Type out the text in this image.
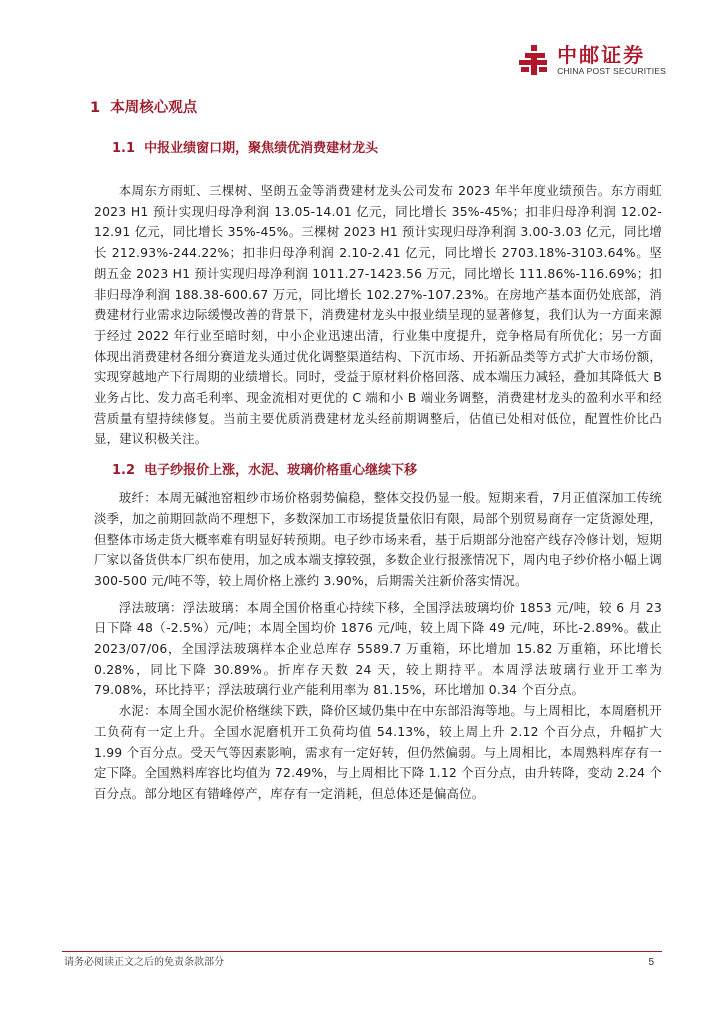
中邮证券
CHINA POST SECURITIES
1 本周核心观点
1.1 中报业绩窗口期，聚焦绩优消费建材龙头

本周东方雨虹、三棵树、坚朗五金等消费建材龙头公司发布 2023 年半年度业绩预告。东方雨虹 2023 H1 预计实现归母净利润 13.05-14.01 亿元，同比增长 35%-45%；扣非归母净利润 12.02-12.91 亿元，同比增长 35%-45%。三棵树 2023 H1 预计实现归母净利润 3.00-3.03 亿元，同比增长 212.93%-244.22%；扣非归母净利润 2.10-2.41 亿元，同比增长 2703.18%-3103.64%。坚朗五金 2023 H1 预计实现归母净利润 1011.27-1423.56 万元，同比增长 111.86%-116.69%；扣非归母净利润 188.38-600.67 万元，同比增长 102.27%-107.23%。在房地产基本面仍处底部，消费建材行业需求边际缓慢改善的背景下，消费建材龙头中报业绩呈现的显著修复，我们认为一方面来源于经过 2022 年行业至暗时刻，中小企业迅速出清，行业集中度提升，竞争格局有所优化；另一方面体现出消费建材各细分赛道龙头通过优化调整渠道结构、下沉市场、开拓新品类等方式扩大市场份额，实现穿越地产下行周期的业绩增长。同时，受益于原材料价格回落、成本端压力减轻，叠加其降低大 B 业务占比、发力高毛利率、现金流相对更优的 C 端和小 B 端业务调整，消费建材龙头的盈利水平和经营质量有望持续修复。当前主要优质消费建材龙头经前期调整后，估值已处相对低位，配置性价比凸显，建议积极关注。

1.2 电子纱报价上涨，水泥、玻璃价格重心继续下移

玻纤：本周无碱池窑粗纱市场价格弱势偏稳，整体交投仍显一般。短期来看，7月正值深加工传统淡季，加之前期回款尚不理想下，多数深加工市场提货量依旧有限，局部个别贸易商存一定货源处理，但整体市场走货大概率难有明显好转预期。电子纱市场来看，基于后期部分池窑产线存冷修计划，短期厂家以备货供本厂织布使用，加之成本端支撑较强，多数企业行报涨情况下，周内电子纱价格小幅上调 300-500 元/吨不等，较上周价格上涨约 3.90%，后期需关注新价落实情况。

浮法玻璃：浮法玻璃：本周全国价格重心持续下移，全国浮法玻璃均价 1853 元/吨，较 6 月 23 日下降 48（-2.5%）元/吨；本周全国均价 1876 元/吨，较上周下降 49 元/吨，环比-2.89%。截止 2023/07/06，全国浮法玻璃样本企业总库存 5589.7 万重箱，环比增加 15.82 万重箱，环比增长 0.28%，同比下降 30.89%。折库存天数 24 天，较上期持平。本周浮法玻璃行业开工率为 79.08%，环比持平；浮法玻璃行业产能利用率为 81.15%，环比增加 0.34 个百分点。

水泥：本周全国水泥价格继续下跌，降价区域仍集中在中东部沿海等地。与上周相比，本周磨机开工负荷有一定上升。全国水泥磨机开工负荷均值 54.13%，较上周上升 2.12 个百分点，升幅扩大 1.99 个百分点。受天气等因素影响，需求有一定好转，但仍然偏弱。与上周相比，本周熟料库存有一定下降。全国熟料库容比均值为 72.49%，与上周相比下降 1.12 个百分点，由升转降，变动 2.24 个百分点。部分地区有错峰停产，库存有一定消耗，但总体还是偏高位。

请务必阅读正文之后的免责条款部分	5
